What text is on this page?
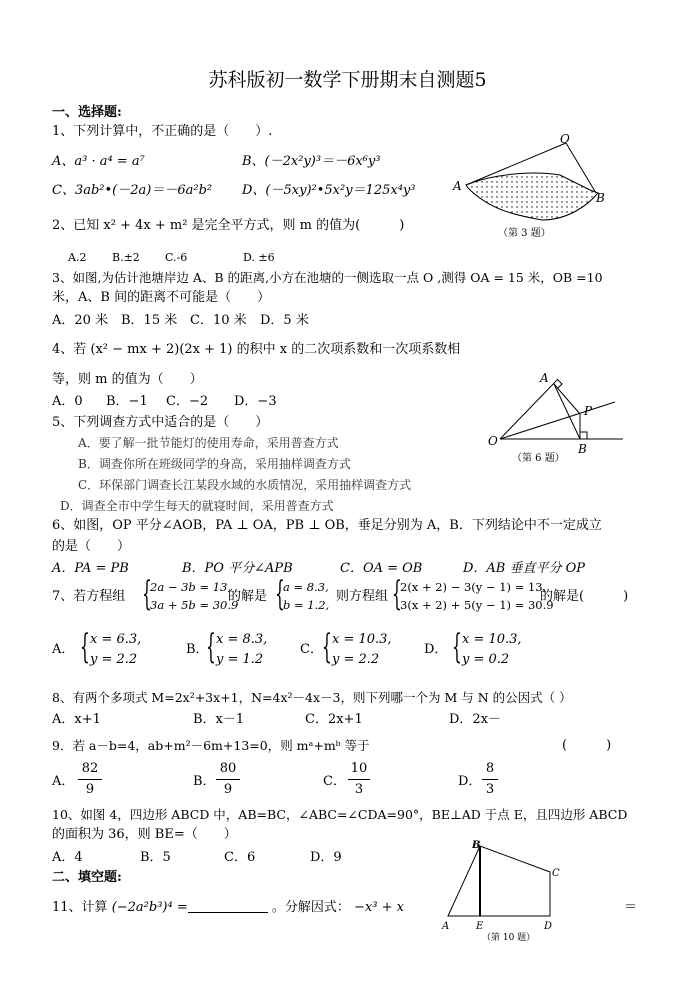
苏科版初一数学下册期末自测题5
一、选择题:
1、下列计算中，不正确的是（　　）.
A、a³ · a⁴ = a⁷	B、(－2x²y)³＝－6x⁶y³
C、3ab²•(－2a)＝－6a²b² D、(－5xy)²•5x²y＝125x⁴y³
O
A
B
（第 3 题）
2、已知 x² + 4x + m² 是完全平方式，则 m 的值为(　　　)
A.2 B.±2 C.-6	D. ±6
3、如图,为估计池塘岸边 A、B 的距离,小方在池塘的一侧选取一点 O ,测得 OA = 15 米，OB =10
米，A、B 间的距离不可能是（　　）
A．20 米 B．15 米 C．10 米 D．5 米
4、若 (x² − mx + 2)(2x + 1) 的积中 x 的二次项系数和一次项系数相
等，则 m 的值为（　　）
A．0 B．−1 C．−2 D．−3
A
P
O
B
（第 6 题）
5、下列调查方式中适合的是（　　）
A．要了解一批节能灯的使用寿命，采用普查方式
B．调查你所在班级同学的身高，采用抽样调查方式
C．环保部门调查长江某段水域的水质情况，采用抽样调查方式
D．调查全市中学生每天的就寝时间，采用普查方式
6、如图，OP 平分∠AOB，PA ⊥ OA，PB ⊥ OB，垂足分别为 A，B．下列结论中不一定成立
的是（　　）
A．PA = PB	B．PO 平分∠APB	C．OA = OB	D．AB 垂直平分 OP
7、若方程组 {
2a − 3b = 13,
3a + 5b = 30.9
的解是 {
a = 8.3,
b = 1.2,
则方程组 {
2(x + 2) − 3(y − 1) = 13,
3(x + 2) + 5(y − 1) = 30.9
的解是(　　　)
A． { x = 6.3,
y = 2.2
B．
{ x = 8.3,
y = 1.2
C． { x = 10.3,
y = 2.2
D． { x = 10.3,
y = 0.2
8、有两个多项式 M=2x²+3x+1，N=4x²－4x－3，则下列哪一个为 M 与 N 的公因式（ ）
A．x+1	B．x－1	C．2x+1	D．2x－
9．若 a－b=4，ab+m²－6m+13=0，则 mᵃ+mᵇ 等于	(　　　)
A．
82
9
B．
80
9
C．
10
3
D．
8
3
10、如图 4，四边形 ABCD 中，AB=BC，∠ABC=∠CDA=90°，BE⊥AD 于点 E，且四边形 ABCD
的面积为 36，则 BE=（　　）
A．4	B．5	C．6	D．9
二、填空题:
11、计算 (−2a²b³)⁴ =	。分解因式： −x³ + x	＝
B
C
A	E	D
（第 10 题）
